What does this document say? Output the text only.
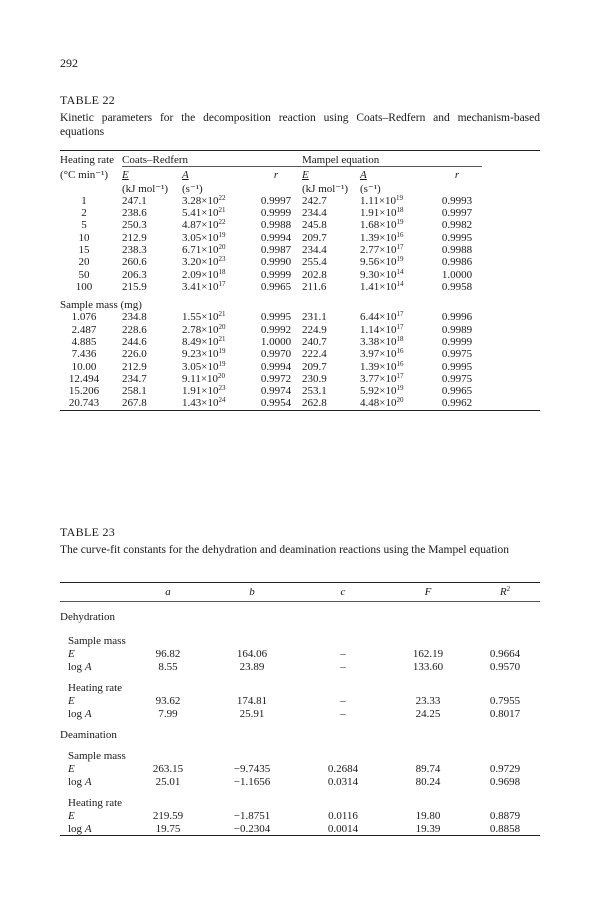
292
TABLE 22
Kinetic parameters for the decomposition reaction using Coats–Redfern and mechanism-based equations
Heating rate	Coats–Redfern			Mampel equation			
(°C min⁻¹)	E	A	r	E	A	r	
	(kJ mol⁻¹)	(s⁻¹)		(kJ mol⁻¹)	(s⁻¹)		
1	247.1	$3.28\times 10^{22}$	0.9997	242.7	$1.11\times 10^{19}$	0.9993	
2	238.6	$5.41\times 10^{21}$	0.9999	234.4	$1.91\times 10^{18}$	0.9997	
5	250.3	$4.87\times 10^{22}$	0.9988	245.8	$1.68\times 10^{19}$	0.9982	
10	212.9	$3.05\times 10^{19}$	0.9994	209.7	$1.39\times 10^{16}$	0.9995	
15	238.3	$6.71\times 10^{20}$	0.9987	234.4	$2.77\times 10^{17}$	0.9988	
20	260.6	$3.20\times 10^{23}$	0.9990	255.4	$9.56\times 10^{19}$	0.9986	
50	206.3	$2.09\times 10^{18}$	0.9999	202.8	$9.30\times 10^{14}$	1.0000	
100	215.9	$3.41\times 10^{17}$	0.9965	211.6	$1.41\times 10^{14}$	0.9958	
Sample mass (mg)							
1.076	234.8	$1.55\times 10^{21}$	0.9995	231.1	$6.44\times 10^{17}$	0.9996	
2.487	228.6	$2.78\times 10^{20}$	0.9992	224.9	$1.14\times 10^{17}$	0.9989	
4.885	244.6	$8.49\times 10^{21}$	1.0000	240.7	$3.38\times 10^{18}$	0.9999	
7.436	226.0	$9.23\times 10^{19}$	0.9970	222.4	$3.97\times 10^{16}$	0.9975	
10.00	212.9	$3.05\times 10^{19}$	0.9994	209.7	$1.39\times 10^{16}$	0.9995	
12.494	234.7	$9.11\times 10^{20}$	0.9972	230.9	$3.77\times 10^{17}$	0.9975	
15.206	258.1	$1.91\times 10^{23}$	0.9974	253.1	$5.92\times 10^{19}$	0.9965	
20.743	267.8	$1.43\times 10^{24}$	0.9954	262.8	$4.48\times 10^{20}$	0.9962	

TABLE 23
The curve-fit constants for the dehydration and deamination reactions using the Mampel equation
	a	b	c	F	$R^2$
Dehydration					

Sample mass					
E	96.82	164.06	–	162.19	0.9664
log A	8.55	23.89	–	133.60	0.9570

Heating rate					
E	93.62	174.81	–	23.33	0.7955
log A	7.99	25.91	–	24.25	0.8017

Deamination					

Sample mass					
E	263.15	−9.7435	0.2684	89.74	0.9729
log A	25.01	−1.1656	0.0314	80.24	0.9698

Heating rate					
E	219.59	−1.8751	0.0116	19.80	0.8879
log A	19.75	−0.2304	0.0014	19.39	0.8858
